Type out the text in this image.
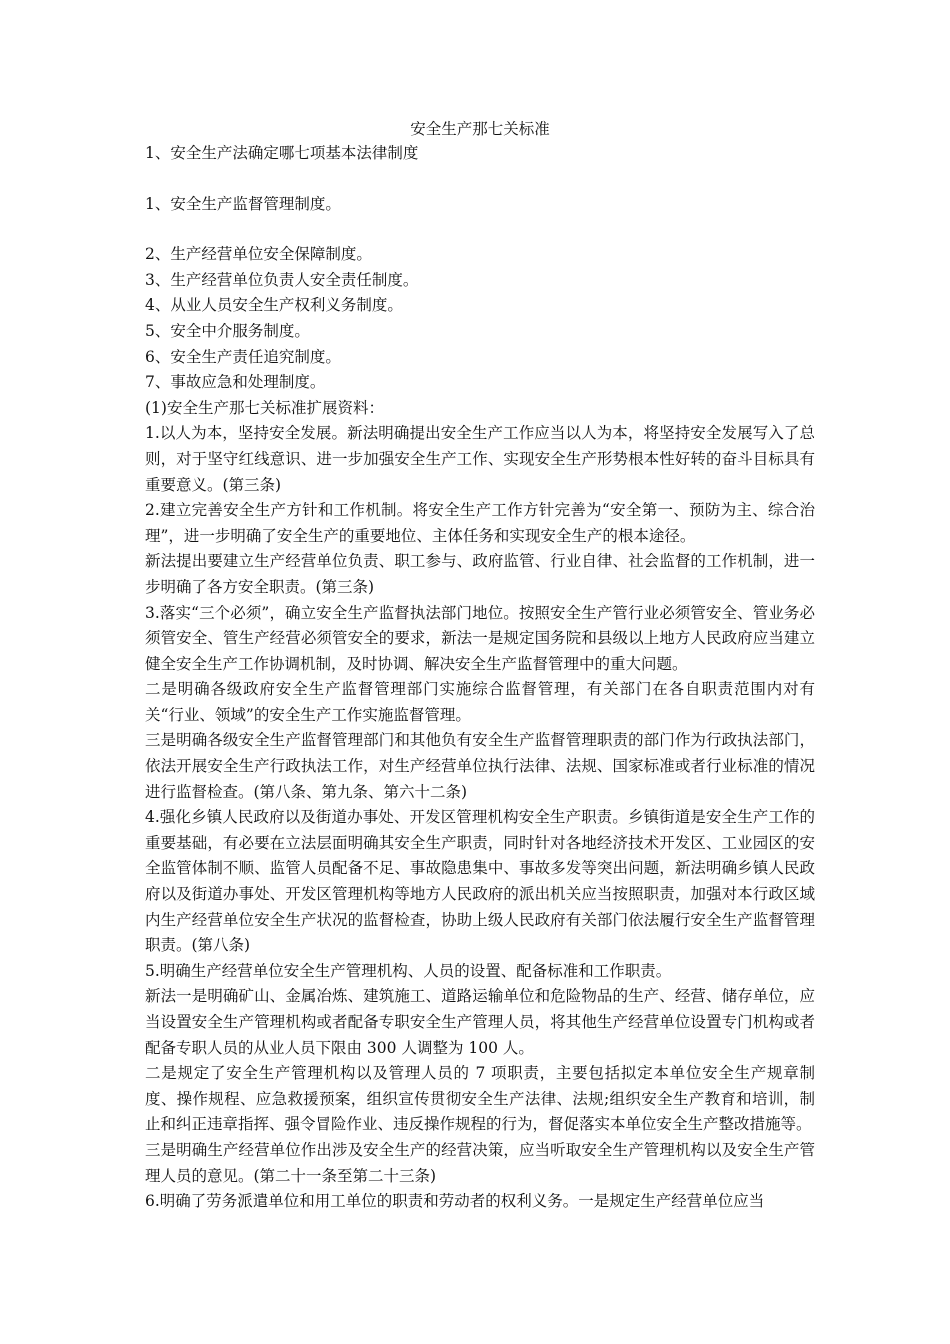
安全生产那七关标准

1、安全生产法确定哪七项基本法律制度

1、安全生产监督管理制度。

2、生产经营单位安全保障制度。

3、生产经营单位负责人安全责任制度。

4、从业人员安全生产权利义务制度。

5、安全中介服务制度。

6、安全生产责任追究制度。

7、事故应急和处理制度。

(1)安全生产那七关标准扩展资料：

1.以人为本，坚持安全发展。新法明确提出安全生产工作应当以人为本，将坚持安全发展写入了总则，对于坚守红线意识、进一步加强安全生产工作、实现安全生产形势根本性好转的奋斗目标具有重要意义。(第三条)

2.建立完善安全生产方针和工作机制。将安全生产工作方针完善为“安全第一、预防为主、综合治理”，进一步明确了安全生产的重要地位、主体任务和实现安全生产的根本途径。

新法提出要建立生产经营单位负责、职工参与、政府监管、行业自律、社会监督的工作机制，进一步明确了各方安全职责。(第三条)

3.落实“三个必须”，确立安全生产监督执法部门地位。按照安全生产管行业必须管安全、管业务必须管安全、管生产经营必须管安全的要求，新法一是规定国务院和县级以上地方人民政府应当建立健全安全生产工作协调机制，及时协调、解决安全生产监督管理中的重大问题。

二是明确各级政府安全生产监督管理部门实施综合监督管理，有关部门在各自职责范围内对有关“行业、领域”的安全生产工作实施监督管理。

三是明确各级安全生产监督管理部门和其他负有安全生产监督管理职责的部门作为行政执法部门，依法开展安全生产行政执法工作，对生产经营单位执行法律、法规、国家标准或者行业标准的情况进行监督检查。(第八条、第九条、第六十二条)

4.强化乡镇人民政府以及街道办事处、开发区管理机构安全生产职责。乡镇街道是安全生产工作的重要基础，有必要在立法层面明确其安全生产职责，同时针对各地经济技术开发区、工业园区的安全监管体制不顺、监管人员配备不足、事故隐患集中、事故多发等突出问题，新法明确乡镇人民政府以及街道办事处、开发区管理机构等地方人民政府的派出机关应当按照职责，加强对本行政区域内生产经营单位安全生产状况的监督检查，协助上级人民政府有关部门依法履行安全生产监督管理职责。(第八条)

5.明确生产经营单位安全生产管理机构、人员的设置、配备标准和工作职责。

新法一是明确矿山、金属冶炼、建筑施工、道路运输单位和危险物品的生产、经营、储存单位，应当设置安全生产管理机构或者配备专职安全生产管理人员，将其他生产经营单位设置专门机构或者配备专职人员的从业人员下限由 300 人调整为 100 人。

二是规定了安全生产管理机构以及管理人员的 7 项职责，主要包括拟定本单位安全生产规章制度、操作规程、应急救援预案，组织宣传贯彻安全生产法律、法规;组织安全生产教育和培训，制止和纠正违章指挥、强令冒险作业、违反操作规程的行为，督促落实本单位安全生产整改措施等。

三是明确生产经营单位作出涉及安全生产的经营决策，应当听取安全生产管理机构以及安全生产管理人员的意见。(第二十一条至第二十三条)

6.明确了劳务派遣单位和用工单位的职责和劳动者的权利义务。一是规定生产经营单位应当
